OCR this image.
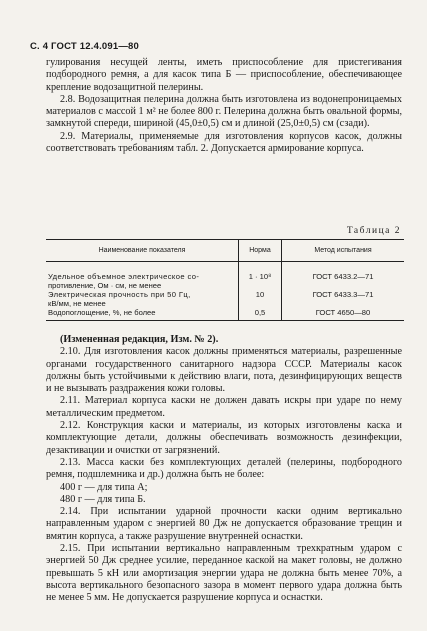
С. 4 ГОСТ 12.4.091—80

гулирования несущей ленты, иметь приспособление для пристегивания подбородного ремня, а для касок типа Б — приспособление, обеспечивающее крепление водозащитной пелерины.

2.8. Водозащитная пелерина должна быть изготовлена из водонепроницаемых материалов с массой 1 м² не более 800 г. Пелерина должна быть овальной формы, замкнутой спереди, шириной (45,0±0,5) см и длиной (25,0±0,5) см (сзади).

2.9. Материалы, применяемые для изготовления корпусов касок, должны соответствовать требованиям табл. 2. Допускается армирование корпуса.

Таблица 2
Наименование показателя	Норма	Метод испытания

Удельное объемное электрическое со-
противление, Ом · см, не менее	1 · 10⁸	ГОСТ 6433.2—71

Электрическая прочность при 50 Гц,
кВ/мм, не менее	10	ГОСТ 6433.3—71

Водопоглощение, %, не более	0,5	ГОСТ 4650—80

(Измененная редакция, Изм. № 2).

2.10. Для изготовления касок должны применяться материалы, разрешенные органами государственного санитарного надзора СССР. Материалы касок должны быть устойчивыми к действию влаги, пота, дезинфицирующих веществ и не вызывать раздражения кожи головы.

2.11. Материал корпуса каски не должен давать искры при ударе по нему металлическим предметом.

2.12. Конструкция каски и материалы, из которых изготовлены каска и комплектующие детали, должны обеспечивать возможность дезинфекции, дезактивации и очистки от загрязнений.

2.13. Масса каски без комплектующих деталей (пелерины, подбородного ремня, подшлемника и др.) должна быть не более:

400 г — для типа А;

480 г — для типа Б.

2.14. При испытании ударной прочности каски одним вертикально направленным ударом с энергией 80 Дж не допускается образование трещин и вмятин корпуса, а также разрушение внутренней оснастки.

2.15. При испытании вертикально направленным трехкратным ударом с энергией 50 Дж среднее усилие, переданное каской на макет головы, не должно превышать 5 кН или амортизация энергии удара не должна быть менее 70%, а высота вертикального безопасного зазора в момент первого удара должна быть не менее 5 мм. Не допускается разрушение корпуса и оснастки.
